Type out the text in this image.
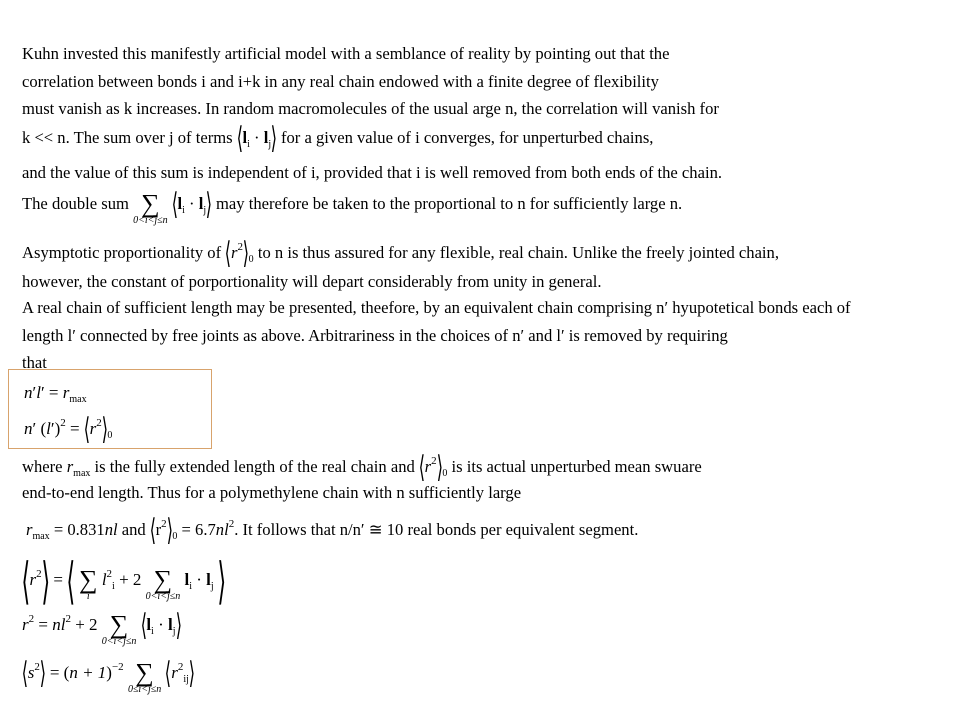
Kuhn invested this manifestly artificial model with a semblance of reality by pointing out that the
correlation between bonds i and i+k in any real chain endowed with a finite degree of flexibility
must vanish as k increases. In random macromolecules of the usual arge n, the correlation will vanish for
k << n. The sum over j of terms $⟨l_i$ · $l_j⟩$ for a given value of i converges, for unperturbed chains,
and the value of this sum is independent of i, provided that i is well removed from both ends of the chain.
The double sum ∑
0<i<j≤n $⟨l_i$ · $l_j⟩$ may therefore be taken to the proportional to n for sufficiently large n.
Asymptotic proportionality of $⟨r^2⟩_0$ to n is thus assured for any flexible, real chain. Unlike the freely jointed chain,
however, the constant of porportionality will depart considerably from unity in general.
A real chain of sufficient length may be presented, theefore, by an equivalent chain comprising n′ hyupotetical bonds each of
length l′ connected by free joints as above. Arbitrariness in the choices of n′ and l′ is removed by requiring
that
$n'l' = r_{max}$
n′ $(l')^2$ = $⟨r^2⟩_0$
where $r_{max}$ is the fully extended length of the real chain and $⟨r^2⟩_0$ is its actual unperturbed mean swuare
end-to-end length. Thus for a polymethylene chain with n sufficiently large
$r_{max} = 0.831nl$ and $⟨r^2⟩_0 = 6.7nl^2$. It follows that n/n′ ≅ 10 real bonds per equivalent segment.
$⟨r^2⟩$ = ⟨ ∑
i
$l^2_i + 2$ ∑
0<i<j≤n
$l_i \cdot l_j$ ⟩
$r^2 = nl^2 + 2$ ∑
0<i<j≤n $⟨l_i$ · $l_j⟩$
$⟨s^2⟩ = (n + 1)^{-2}$ ∑
0≤i<j≤n $⟨r^2_{ij}⟩$
